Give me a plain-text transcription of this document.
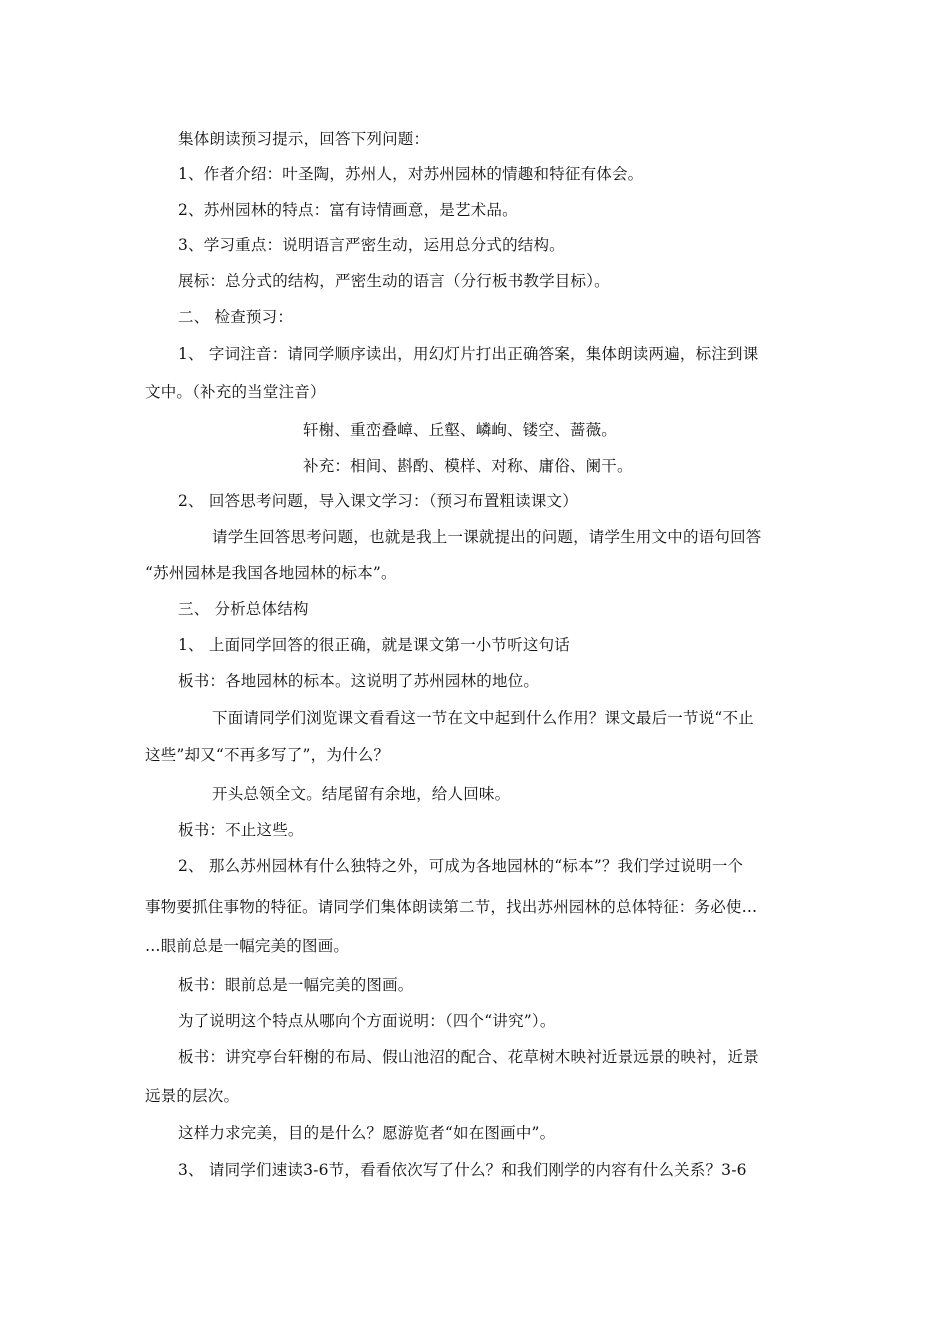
集体朗读预习提示，回答下列问题：
1、作者介绍：叶圣陶，苏州人，对苏州园林的情趣和特征有体会。
2、苏州园林的特点：富有诗情画意，是艺术品。
3、学习重点：说明语言严密生动，运用总分式的结构。
展标：总分式的结构，严密生动的语言（分行板书教学目标）。
二、 检查预习：
1、 字词注音：请同学顺序读出，用幻灯片打出正确答案，集体朗读两遍，标注到课
文中。（补充的当堂注音）
轩榭、重峦叠嶂、丘壑、嶙峋、镂空、蔷薇。
补充：相间、斟酌、模样、对称、庸俗、阑干。
2、 回答思考问题，导入课文学习：（预习布置粗读课文）
请学生回答思考问题，也就是我上一课就提出的问题，请学生用文中的语句回答
“苏州园林是我国各地园林的标本”。
三、 分析总体结构
1、 上面同学回答的很正确，就是课文第一小节听这句话
板书：各地园林的标本。这说明了苏州园林的地位。
下面请同学们浏览课文看看这一节在文中起到什么作用？课文最后一节说“不止
这些”却又“不再多写了”，为什么？
开头总领全文。结尾留有余地，给人回味。
板书：不止这些。
2、 那么苏州园林有什么独特之外，可成为各地园林的“标本”？我们学过说明一个
事物要抓住事物的特征。请同学们集体朗读第二节，找出苏州园林的总体特征：务必使…
…眼前总是一幅完美的图画。
板书：眼前总是一幅完美的图画。
为了说明这个特点从哪向个方面说明：（四个“讲究”）。
板书：讲究亭台轩榭的布局、假山池沼的配合、花草树木映衬近景远景的映衬，近景
远景的层次。
这样力求完美，目的是什么？愿游览者“如在图画中”。
3、 请同学们速读3-6节，看看依次写了什么？和我们刚学的内容有什么关系？3-6
